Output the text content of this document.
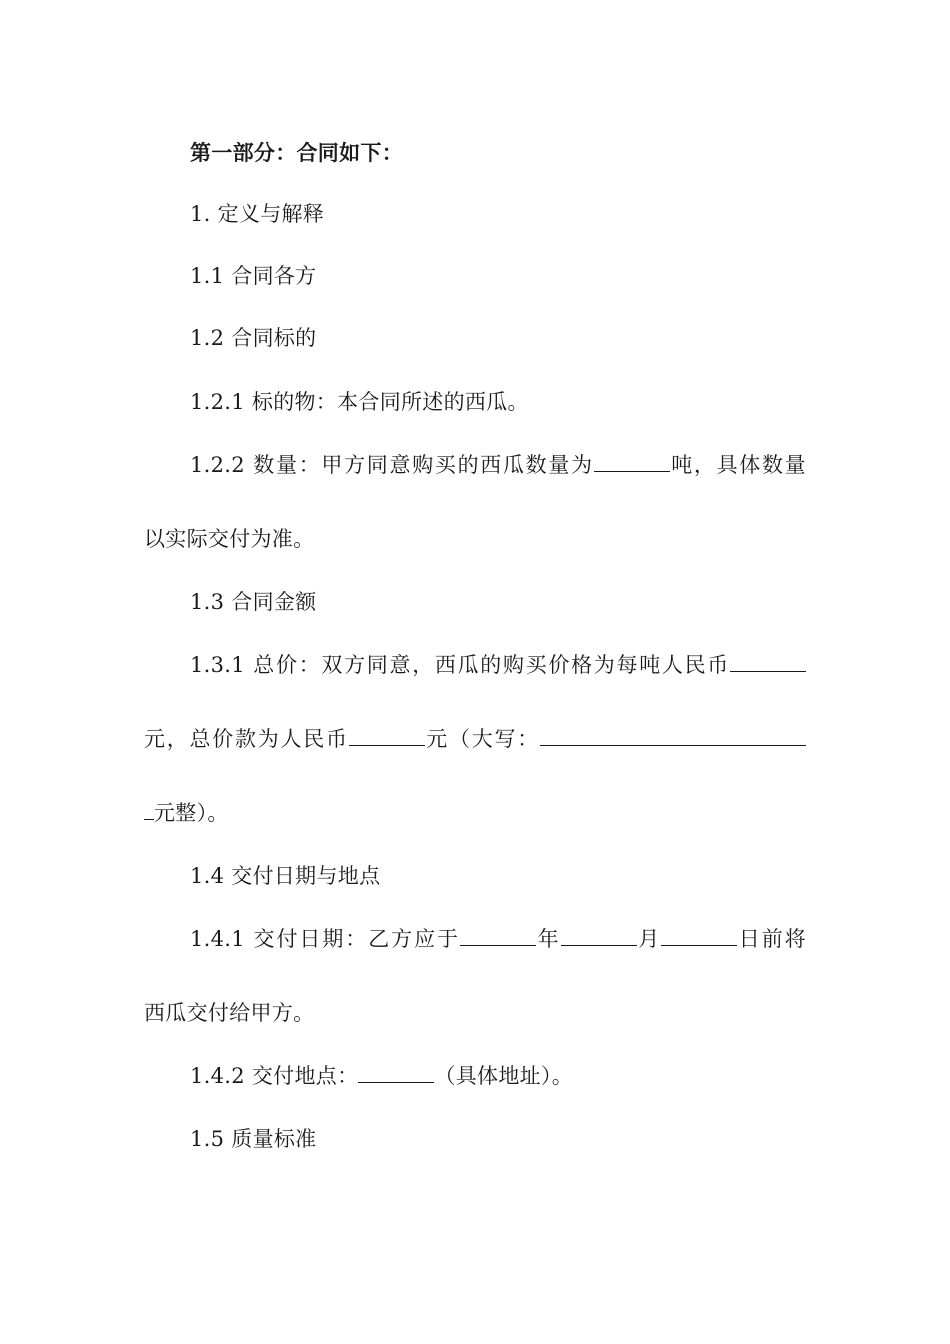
第一部分：合同如下：
1. 定义与解释
1.1 合同各方
1.2 合同标的
1.2.1 标的物：本合同所述的西瓜。
1.2.2 数量：甲方同意购买的西瓜数量为	吨，具体数量
以实际交付为准。
1.3 合同金额
1.3.1 总价：双方同意，西瓜的购买价格为每吨人民币
元，总价款为人民币	元（大写：
元整）。
1.4 交付日期与地点
1.4.1 交付日期：乙方应于	年	月	日前将
西瓜交付给甲方。
1.4.2 交付地点：	（具体地址）。
1.5 质量标准
